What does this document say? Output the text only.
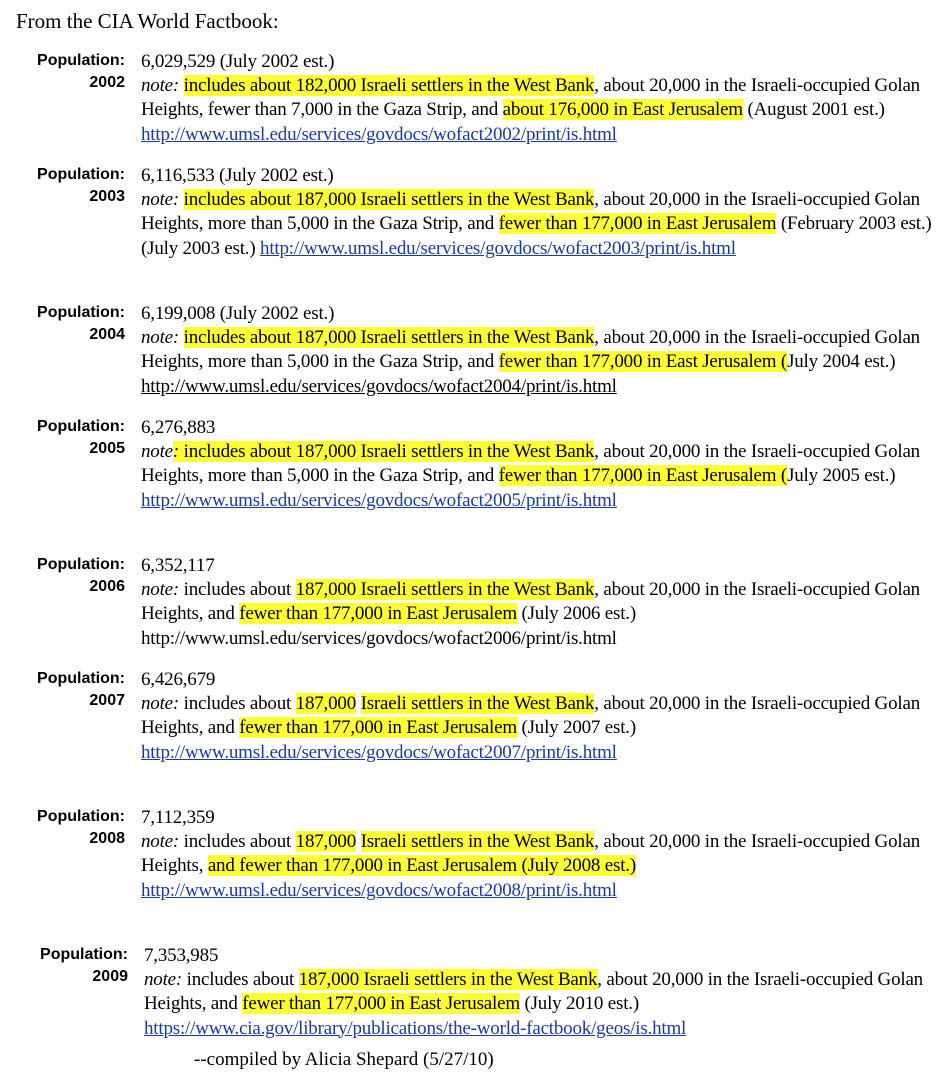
From the CIA World Factbook:
Population:
2002
6,029,529 (July 2002 est.)
note: includes about 182,000 Israeli settlers in the West Bank, about 20,000 in the Israeli-occupied Golan Heights, fewer than 7,000 in the Gaza Strip, and about 176,000 in East Jerusalem (August 2001 est.) http://www.umsl.edu/services/govdocs/wofact2002/print/is.html
Population:
2003
6,116,533 (July 2002 est.)
note: includes about 187,000 Israeli settlers in the West Bank, about 20,000 in the Israeli-occupied Golan Heights, more than 5,000 in the Gaza Strip, and fewer than 177,000 in East Jerusalem (February 2003 est.) (July 2003 est.) http://www.umsl.edu/services/govdocs/wofact2003/print/is.html
Population:
2004
6,199,008 (July 2002 est.)
note: includes about 187,000 Israeli settlers in the West Bank, about 20,000 in the Israeli-occupied Golan Heights, more than 5,000 in the Gaza Strip, and fewer than 177,000 in East Jerusalem (July 2004 est.) http://www.umsl.edu/services/govdocs/wofact2004/print/is.html
Population:
2005
6,276,883
note: includes about 187,000 Israeli settlers in the West Bank, about 20,000 in the Israeli-occupied Golan Heights, more than 5,000 in the Gaza Strip, and fewer than 177,000 in East Jerusalem (July 2005 est.) http://www.umsl.edu/services/govdocs/wofact2005/print/is.html
Population:
2006
6,352,117
note: includes about 187,000 Israeli settlers in the West Bank, about 20,000 in the Israeli-occupied Golan Heights, and fewer than 177,000 in East Jerusalem (July 2006 est.) http://www.umsl.edu/services/govdocs/wofact2006/print/is.html
Population:
2007
6,426,679
note: includes about 187,000 Israeli settlers in the West Bank, about 20,000 in the Israeli-occupied Golan Heights, and fewer than 177,000 in East Jerusalem (July 2007 est.) http://www.umsl.edu/services/govdocs/wofact2007/print/is.html
Population:
2008
7,112,359
note: includes about 187,000 Israeli settlers in the West Bank, about 20,000 in the Israeli-occupied Golan Heights, and fewer than 177,000 in East Jerusalem (July 2008 est.) http://www.umsl.edu/services/govdocs/wofact2008/print/is.html
Population:
2009
7,353,985
note: includes about 187,000 Israeli settlers in the West Bank, about 20,000 in the Israeli-occupied Golan Heights, and fewer than 177,000 in East Jerusalem (July 2010 est.) https://www.cia.gov/library/publications/the-world-factbook/geos/is.html
--compiled by Alicia Shepard (5/27/10)
